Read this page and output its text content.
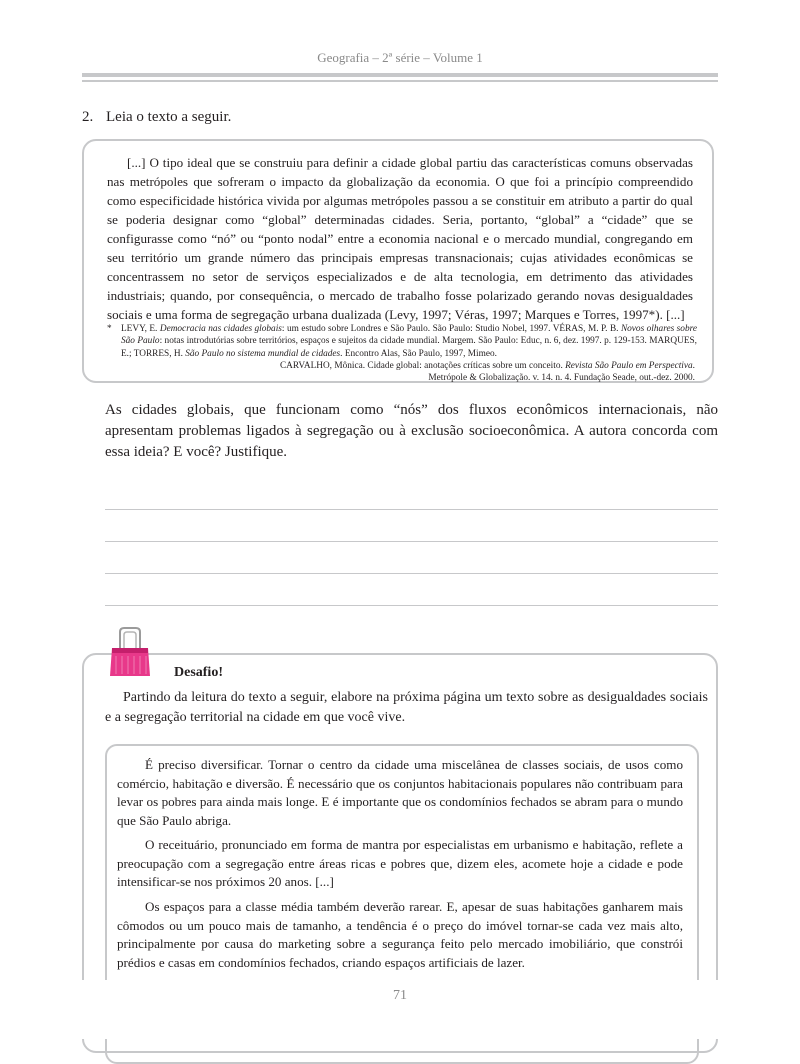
Geografia – 2ª série – Volume 1
2. Leia o texto a seguir.

[...] O tipo ideal que se construiu para definir a cidade global partiu das características comuns observadas nas metrópoles que sofreram o impacto da globalização da economia. O que foi a princípio compreendido como especificidade histórica vivida por algumas metrópoles passou a se constituir em atributo a partir do qual se poderia designar como “global” determinadas cidades. Seria, portanto, “global” a “cidade” que se configurasse como “nó” ou “ponto nodal” entre a economia nacional e o mercado mundial, congregando em seu território um grande número das principais empresas transnacionais; cujas atividades econômicas se concentrassem no setor de serviços especializados e de alta tecnologia, em detrimento das atividades industriais; quando, por consequência, o mercado de trabalho fosse polarizado gerando novas desigualdades sociais e uma forma de segregação urbana dualizada (Levy, 1997; Véras, 1997; Marques e Torres, 1997*). [...]

* LEVY, E. Democracia nas cidades globais: um estudo sobre Londres e São Paulo. São Paulo: Studio Nobel, 1997. VÉRAS, M. P. B. Novos olhares sobre São Paulo: notas introdutórias sobre territórios, espaços e sujeitos da cidade mundial. Margem. São Paulo: Educ, n. 6, dez. 1997. p. 129-153. MARQUES, E.; TORRES, H. São Paulo no sistema mundial de cidades. Encontro Alas, São Paulo, 1997, Mimeo.
CARVALHO, Mônica. Cidade global: anotações críticas sobre um conceito. Revista São Paulo em Perspectiva.
Metrópole & Globalização. v. 14. n. 4. Fundação Seade, out.-dez. 2000.

As cidades globais, que funcionam como “nós” dos fluxos econômicos internacionais, não apresentam problemas ligados à segregação ou à exclusão socioeconômica. A autora concorda com essa ideia? E você? Justifique.

Desafio!

Partindo da leitura do texto a seguir, elabore na próxima página um texto sobre as desigualdades sociais e a segregação territorial na cidade em que você vive.

É preciso diversificar. Tornar o centro da cidade uma miscelânea de classes sociais, de usos como comércio, habitação e diversão. É necessário que os conjuntos habitacionais populares não contribuam para levar os pobres para ainda mais longe. E é importante que os condomínios fechados se abram para o mundo que São Paulo abriga.

O receituário, pronunciado em forma de mantra por especialistas em urbanismo e habitação, reflete a preocupação com a segregação entre áreas ricas e pobres que, dizem eles, acomete hoje a cidade e pode intensificar-se nos próximos 20 anos. [...]

Os espaços para a classe média também deverão rarear. E, apesar de suas habitações ganharem mais cômodos ou um pouco mais de tamanho, a tendência é o preço do imóvel tornar-se cada vez mais alto, principalmente por causa do marketing sobre a segurança feito pelo mercado imobiliário, que constrói prédios e casas em condomínios fechados, criando espaços artificiais de lazer.

71
